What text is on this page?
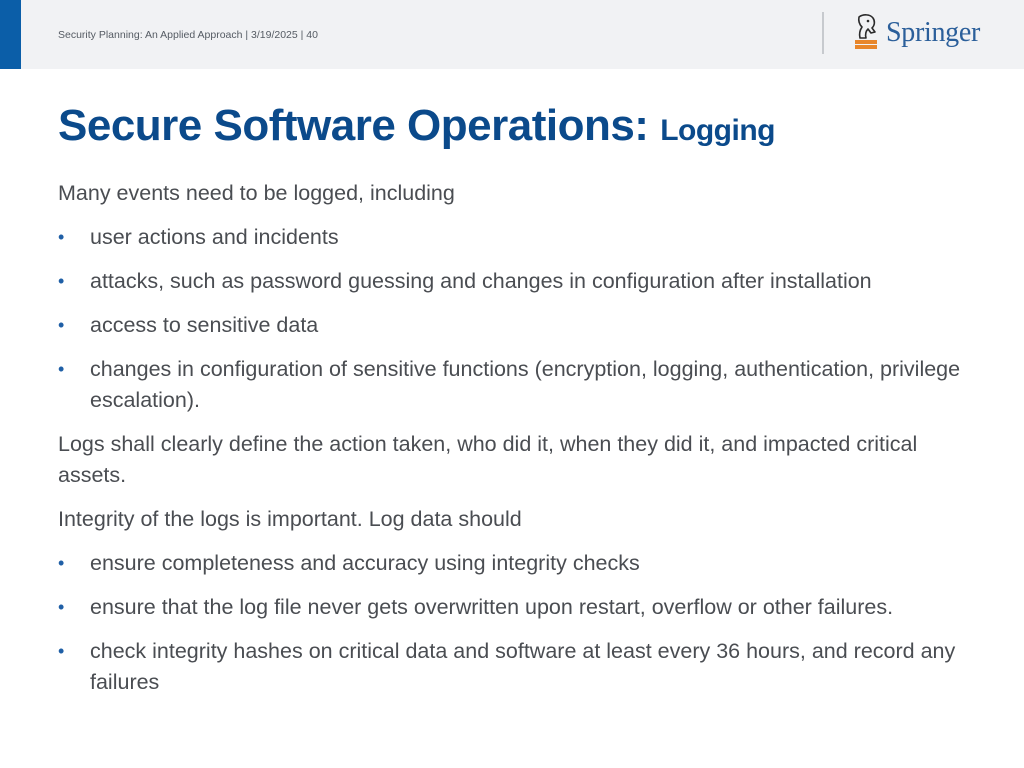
Security Planning: An Applied Approach | 3/19/2025 | 40	Springer
Secure Software Operations: Logging

Many events need to be logged, including

• user actions and incidents
• attacks, such as password guessing and changes in configuration after installation
• access to sensitive data
• changes in configuration of sensitive functions (encryption, logging, authentication, privilege escalation).

Logs shall clearly define the action taken, who did it, when they did it, and impacted critical assets.

Integrity of the logs is important. Log data should

• ensure completeness and accuracy using integrity checks
• ensure that the log file never gets overwritten upon restart, overflow or other failures.
• check integrity hashes on critical data and software at least every 36 hours, and record any failures
